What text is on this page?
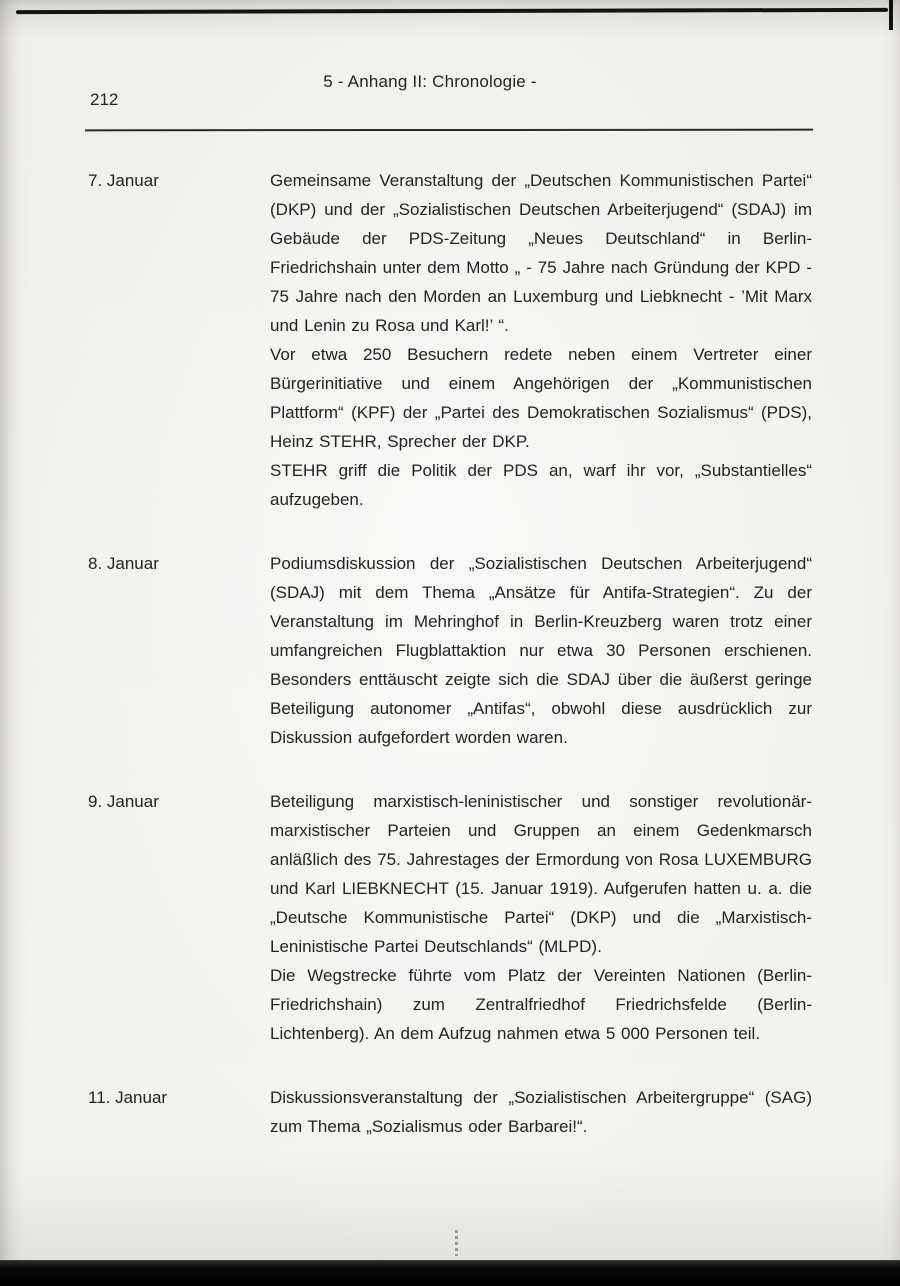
5 - Anhang II: Chronologie -
212
7. Januar	Gemeinsame Veranstaltung der „Deutschen Kommunistischen Partei“ (DKP) und der „Sozialistischen Deutschen Arbeiterjugend“ (SDAJ) im Gebäude der PDS-Zeitung „Neues Deutschland“ in Berlin-Friedrichshain unter dem Motto „ - 75 Jahre nach Gründung der KPD - 75 Jahre nach den Morden an Luxemburg und Liebknecht - ’Mit Marx und Lenin zu Rosa und Karl!’ “.

Vor etwa 250 Besuchern redete neben einem Vertreter einer Bürgerinitiative und einem Angehörigen der „Kommunistischen Plattform“ (KPF) der „Partei des Demokratischen Sozialismus“ (PDS), Heinz STEHR, Sprecher der DKP.

STEHR griff die Politik der PDS an, warf ihr vor, „Substantielles“ aufzugeben.

8. Januar	Podiumsdiskussion der „Sozialistischen Deutschen Arbeiterjugend“ (SDAJ) mit dem Thema „Ansätze für Antifa-Strategien“. Zu der Veranstaltung im Mehringhof in Berlin-Kreuzberg waren trotz einer umfangreichen Flugblattaktion nur etwa 30 Personen erschienen. Besonders enttäuscht zeigte sich die SDAJ über die äußerst geringe Beteiligung autonomer „Antifas“, obwohl diese ausdrücklich zur Diskussion aufgefordert worden waren.

9. Januar	Beteiligung marxistisch-leninistischer und sonstiger revolutionär-marxistischer Parteien und Gruppen an einem Gedenkmarsch anläßlich des 75. Jahrestages der Ermordung von Rosa LUXEMBURG und Karl LIEBKNECHT (15. Januar 1919). Aufgerufen hatten u. a. die „Deutsche Kommunistische Partei“ (DKP) und die „Marxistisch-Leninistische Partei Deutschlands“ (MLPD).

Die Wegstrecke führte vom Platz der Vereinten Nationen (Berlin-Friedrichshain) zum Zentralfriedhof Friedrichsfelde (Berlin-Lichtenberg). An dem Aufzug nahmen etwa 5 000 Personen teil.

11. Januar	Diskussionsveranstaltung der „Sozialistischen Arbeitergruppe“ (SAG) zum Thema „Sozialismus oder Barbarei!“.
